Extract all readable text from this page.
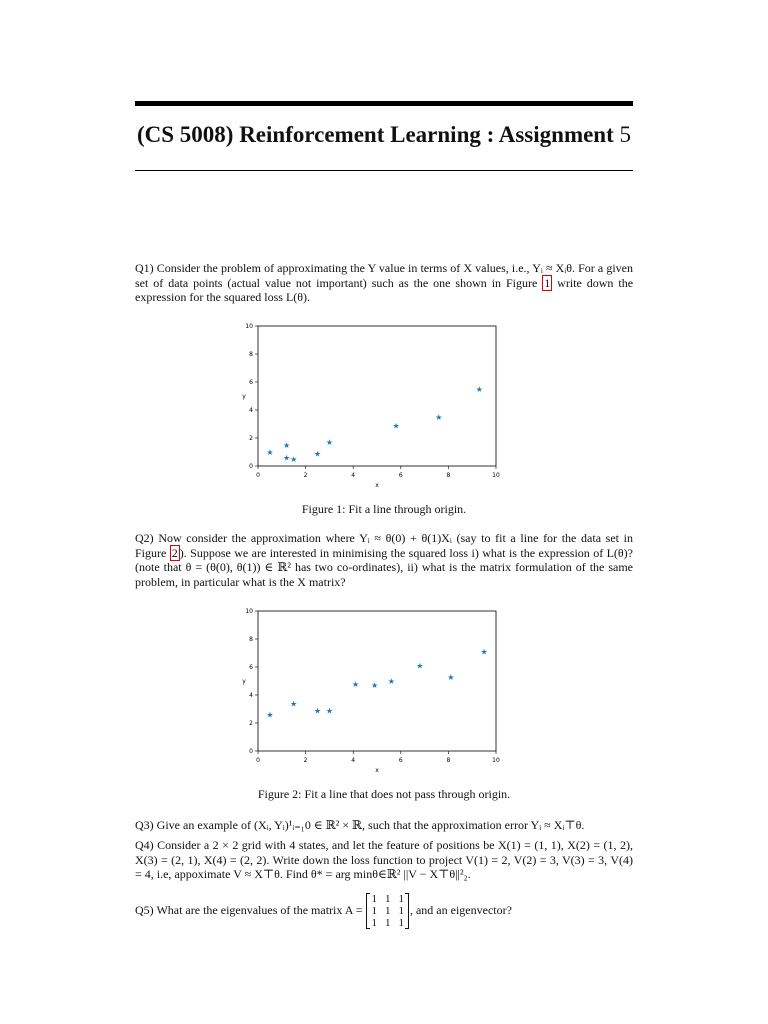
(CS 5008) Reinforcement Learning : Assignment 5
Q1) Consider the problem of approximating the Y value in terms of X values, i.e., Yᵢ ≈ Xᵢθ. For a given set of data points (actual value not important) such as the one shown in Figure 1 write down the expression for the squared loss L(θ).
0	2	4	6	8	10
0
2
4
6
8
10
x
y
★
★
★ ★
★
★
★
★
★
Figure 1: Fit a line through origin.
Q2) Now consider the approximation where Yᵢ ≈ θ(0) + θ(1)Xᵢ (say to fit a line for the data set in Figure 2 ). Suppose we are interested in minimising the squared loss i) what is the expression of L(θ)? (note that θ = (θ(0), θ(1)) ∈ ℝ² has two co-ordinates), ii) what is the matrix formulation of the same problem, in particular what is the X matrix?
0	2	4	6	8	10
0
2
4
6
8
10
x
y
★
★
★ ★
★ ★ ★
★
★
★
Figure 2: Fit a line that does not pass through origin.
Q3) Give an example of (Xᵢ, Yᵢ)¹ᵢ₌₁0 ∈ ℝ² × ℝ, such that the approximation error Yᵢ ≈ Xᵢ⊤θ.
Q4) Consider a 2 × 2 grid with 4 states, and let the feature of positions be X(1) = (1, 1), X(2) = (1, 2), X(3) = (2, 1), X(4) = (2, 2). Write down the loss function to project V(1) = 2, V(2) = 3, V(3) = 3, V(4) = 4, i.e, appoximate V ≈ X⊤θ. Find θ* = arg minθ∈ℝ² ||V − X⊤θ||²₂.
Q5) What are the eigenvalues of the matrix A =
1	1	1
1	1	1
1	1	1
, and an eigenvector?
